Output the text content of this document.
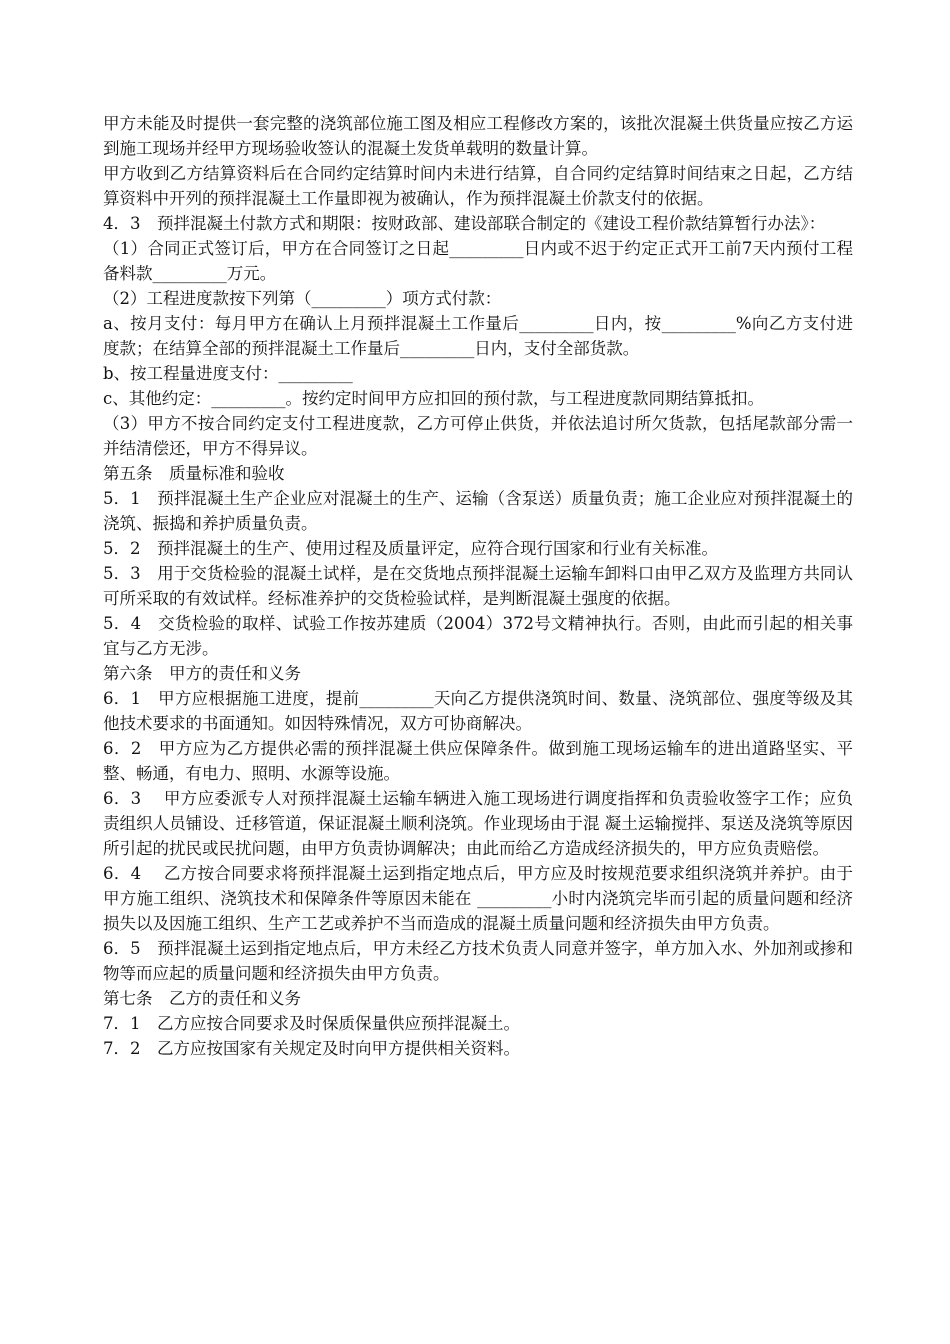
甲方未能及时提供一套完整的浇筑部位施工图及相应工程修改方案的，该批次混凝土供货量应按乙方运到施工现场并经甲方现场验收签认的混凝土发货单载明的数量计算。

甲方收到乙方结算资料后在合同约定结算时间内未进行结算，自合同约定结算时间结束之日起，乙方结算资料中开列的预拌混凝土工作量即视为被确认，作为预拌混凝土价款支付的依据。

4．3　预拌混凝土付款方式和期限：按财政部、建设部联合制定的《建设工程价款结算暂行办法》：

（1）合同正式签订后，甲方在合同签订之日起_________日内或不迟于约定正式开工前7天内预付工程备料款_________万元。

（2）工程进度款按下列第（_________）项方式付款：

a、按月支付：每月甲方在确认上月预拌混凝土工作量后_________日内，按_________%向乙方支付进度款；在结算全部的预拌混凝土工作量后_________日内，支付全部货款。

b、按工程量进度支付：_________

c、其他约定：_________。按约定时间甲方应扣回的预付款，与工程进度款同期结算抵扣。

（3）甲方不按合同约定支付工程进度款，乙方可停止供货，并依法追讨所欠货款，包括尾款部分需一并结清偿还，甲方不得异议。

第五条　质量标准和验收

5．1　预拌混凝土生产企业应对混凝土的生产、运输（含泵送）质量负责；施工企业应对预拌混凝土的浇筑、振捣和养护质量负责。

5．2　预拌混凝土的生产、使用过程及质量评定，应符合现行国家和行业有关标准。

5．3　用于交货检验的混凝土试样，是在交货地点预拌混凝土运输车卸料口由甲乙双方及监理方共同认可所采取的有效试样。经标准养护的交货检验试样，是判断混凝土强度的依据。

5．4　交货检验的取样、试验工作按苏建质（2004）372号文精神执行。否则，由此而引起的相关事宜与乙方无涉。

第六条　甲方的责任和义务

6．1　甲方应根据施工进度，提前_________天向乙方提供浇筑时间、数量、浇筑部位、强度等级及其他技术要求的书面通知。如因特殊情况，双方可协商解决。

6．2　甲方应为乙方提供必需的预拌混凝土供应保障条件。做到施工现场运输车的进出道路坚实、平整、畅通，有电力、照明、水源等设施。

6．3　 甲方应委派专人对预拌混凝土运输车辆进入施工现场进行调度指挥和负责验收签字工作；应负责组织人员铺设、迁移管道，保证混凝土顺利浇筑。作业现场由于混 凝土运输搅拌、泵送及浇筑等原因所引起的扰民或民扰问题，由甲方负责协调解决；由此而给乙方造成经济损失的，甲方应负责赔偿。

6．4　 乙方按合同要求将预拌混凝土运到指定地点后，甲方应及时按规范要求组织浇筑并养护。由于甲方施工组织、浇筑技术和保障条件等原因未能在 _________小时内浇筑完毕而引起的质量问题和经济损失以及因施工组织、生产工艺或养护不当而造成的混凝土质量问题和经济损失由甲方负责。

6．5　预拌混凝土运到指定地点后，甲方未经乙方技术负责人同意并签字，单方加入水、外加剂或掺和物等而应起的质量问题和经济损失由甲方负责。

第七条　乙方的责任和义务

7．1　乙方应按合同要求及时保质保量供应预拌混凝土。

7．2　乙方应按国家有关规定及时向甲方提供相关资料。
